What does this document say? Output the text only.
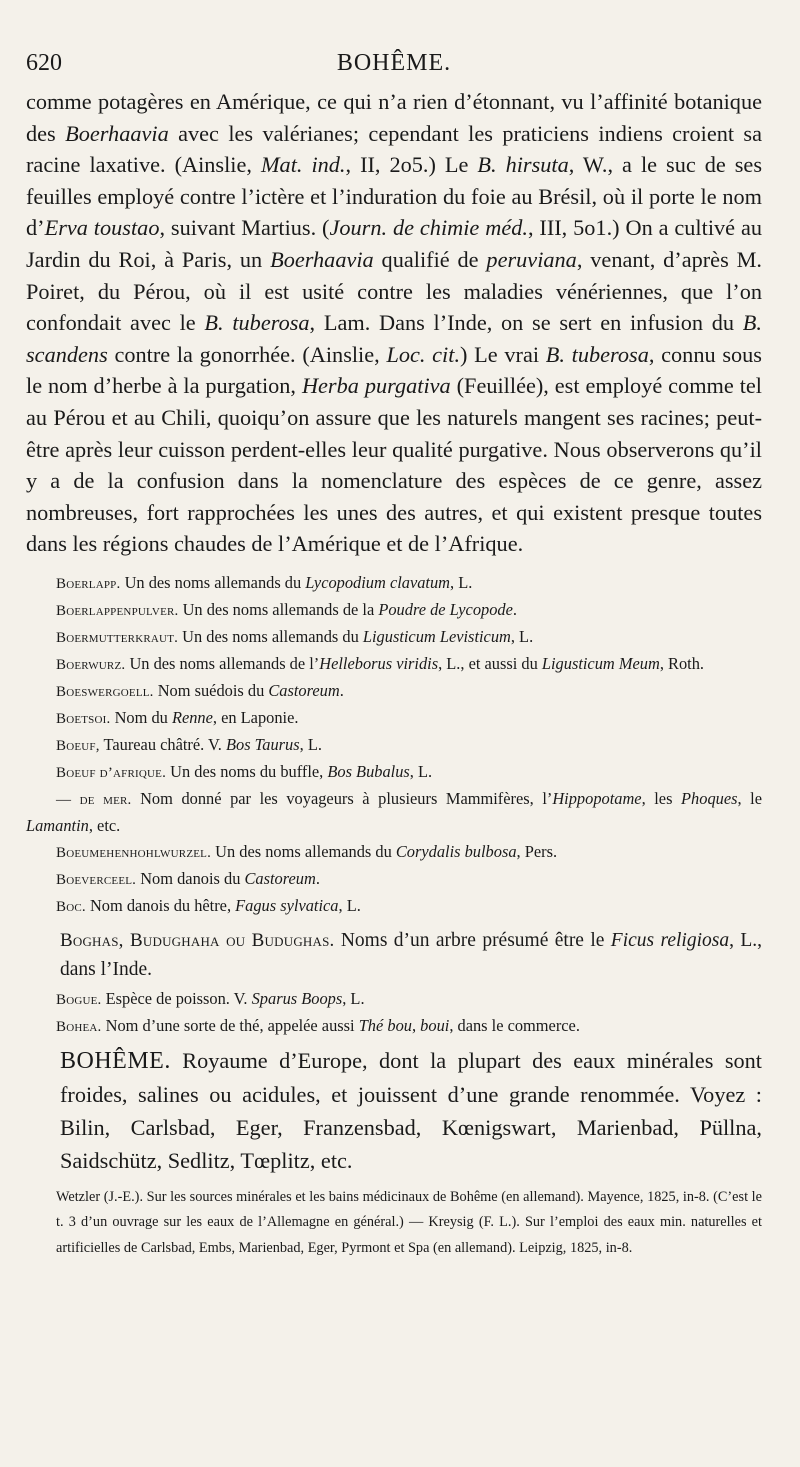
620	BOHÊME.

comme potagères en Amérique, ce qui n’a rien d’étonnant, vu l’affinité botanique des Boerhaavia avec les valérianes; cependant les praticiens indiens croient sa racine laxative. (Ainslie, Mat. ind., II, 2o5.) Le B. hirsuta, W., a le suc de ses feuilles employé contre l’ictère et l’induration du foie au Brésil, où il porte le nom d’Erva toustao, suivant Martius. (Journ. de chimie méd., III, 5o1.) On a cultivé au Jardin du Roi, à Paris, un Boerhaavia qualifié de peruviana, venant, d’après M. Poiret, du Pérou, où il est usité contre les maladies vénériennes, que l’on confondait avec le B. tuberosa, Lam. Dans l’Inde, on se sert en infusion du B. scandens contre la gonorrhée. (Ainslie, Loc. cit.) Le vrai B. tuberosa, connu sous le nom d’herbe à la purgation, Herba purgativa (Feuillée), est employé comme tel au Pérou et au Chili, quoiqu’on assure que les naturels mangent ses racines; peut-être après leur cuisson perdent-elles leur qualité purgative. Nous observerons qu’il y a de la confusion dans la nomenclature des espèces de ce genre, assez nombreuses, fort rapprochées les unes des autres, et qui existent presque toutes dans les régions chaudes de l’Amérique et de l’Afrique.

Boerlapp. Un des noms allemands du Lycopodium clavatum, L.

Boerlappenpulver. Un des noms allemands de la Poudre de Lycopode.

Boermutterkraut. Un des noms allemands du Ligusticum Levisticum, L.

Boerwurz. Un des noms allemands de l’Helleborus viridis, L., et aussi du Ligusticum Meum, Roth.

Boeswergoell. Nom suédois du Castoreum.

Boetsoi. Nom du Renne, en Laponie.

Boeuf, Taureau châtré. V. Bos Taurus, L.

Boeuf d’afrique. Un des noms du buffle, Bos Bubalus, L.

— de mer. Nom donné par les voyageurs à plusieurs Mammifères, l’Hippopotame, les Phoques, le Lamantin, etc.

Boeumehenhohlwurzel. Un des noms allemands du Corydalis bulbosa, Pers.

Boeverceel. Nom danois du Castoreum.

Boc. Nom danois du hêtre, Fagus sylvatica, L.

Boghas, Budughaha ou Budughas. Noms d’un arbre présumé être le Ficus religiosa, L., dans l’Inde.

Bogue. Espèce de poisson. V. Sparus Boops, L.

Bohea. Nom d’une sorte de thé, appelée aussi Thé bou, boui, dans le commerce.

BOHÊME. Royaume d’Europe, dont la plupart des eaux minérales sont froides, salines ou acidules, et jouissent d’une grande renommée. Voyez : Bilin, Carlsbad, Eger, Franzensbad, Kœnigswart, Marienbad, Püllna, Saidschütz, Sedlitz, Tœplitz, etc.

Wetzler (J.-E.). Sur les sources minérales et les bains médicinaux de Bohême (en allemand). Mayence, 1825, in-8. (C’est le t. 3 d’un ouvrage sur les eaux de l’Allemagne en général.) — Kreysig (F. L.). Sur l’emploi des eaux min. naturelles et artificielles de Carlsbad, Embs, Marienbad, Eger, Pyrmont et Spa (en allemand). Leipzig, 1825, in-8.
